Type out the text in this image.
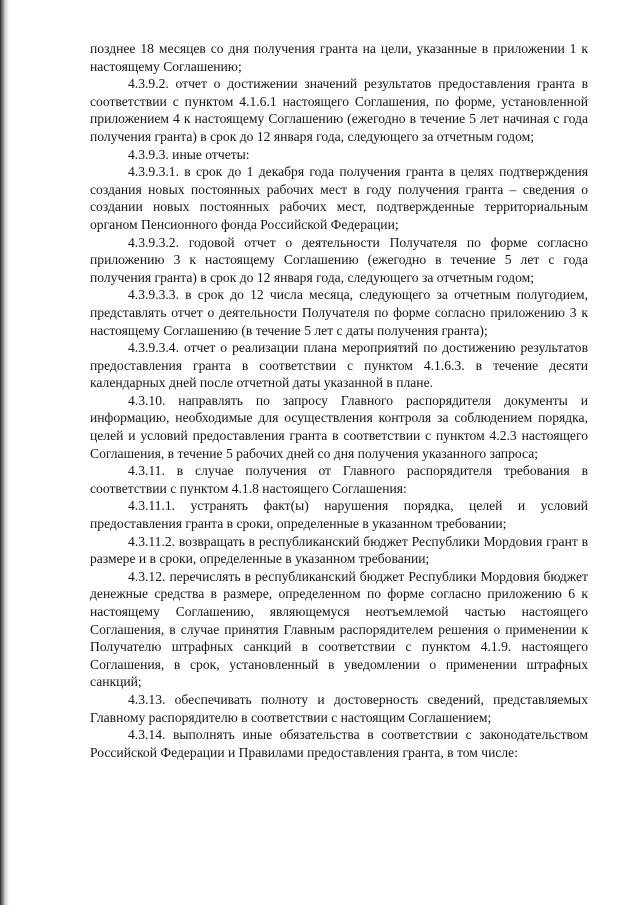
позднее 18 месяцев со дня получения гранта на цели, указанные в приложении 1 к настоящему Соглашению;

4.3.9.2. отчет о достижении значений результатов предоставления гранта в соответствии с пунктом 4.1.6.1 настоящего Соглашения, по форме, установленной приложением 4 к настоящему Соглашению (ежегодно в течение 5 лет начиная с года получения гранта) в срок до 12 января года, следующего за отчетным годом;

4.3.9.3. иные отчеты:

4.3.9.3.1. в срок до 1 декабря года получения гранта в целях подтверждения создания новых постоянных рабочих мест в году получения гранта – сведения о создании новых постоянных рабочих мест, подтвержденные территориальным органом Пенсионного фонда Российской Федерации;

4.3.9.3.2. годовой отчет о деятельности Получателя по форме согласно приложению 3 к настоящему Соглашению (ежегодно в течение 5 лет с года получения гранта) в срок до 12 января года, следующего за отчетным годом;

4.3.9.3.3. в срок до 12 числа месяца, следующего за отчетным полугодием, представлять отчет о деятельности Получателя по форме согласно приложению 3 к настоящему Соглашению (в течение 5 лет с даты получения гранта);

4.3.9.3.4. отчет о реализации плана мероприятий по достижению результатов предоставления гранта в соответствии с пунктом 4.1.6.3. в течение десяти календарных дней после отчетной даты указанной в плане.

4.3.10. направлять по запросу Главного распорядителя документы и информацию, необходимые для осуществления контроля за соблюдением порядка, целей и условий предоставления гранта в соответствии с пунктом 4.2.3 настоящего Соглашения, в течение 5 рабочих дней со дня получения указанного запроса;

4.3.11. в случае получения от Главного распорядителя требования в соответствии с пунктом 4.1.8 настоящего Соглашения:

4.3.11.1. устранять факт(ы) нарушения порядка, целей и условий предоставления гранта в сроки, определенные в указанном требовании;

4.3.11.2. возвращать в республиканский бюджет Республики Мордовия грант в размере и в сроки, определенные в указанном требовании;

4.3.12. перечислять в республиканский бюджет Республики Мордовия бюджет денежные средства в размере, определенном по форме согласно приложению 6 к настоящему Соглашению, являющемуся неотъемлемой частью настоящего Соглашения, в случае принятия Главным распорядителем решения о применении к Получателю штрафных санкций в соответствии с пунктом 4.1.9. настоящего Соглашения, в срок, установленный в уведомлении о применении штрафных санкций;

4.3.13. обеспечивать полноту и достоверность сведений, представляемых Главному распорядителю в соответствии с настоящим Соглашением;

4.3.14. выполнять иные обязательства в соответствии с законодательством Российской Федерации и Правилами предоставления гранта, в том числе:
